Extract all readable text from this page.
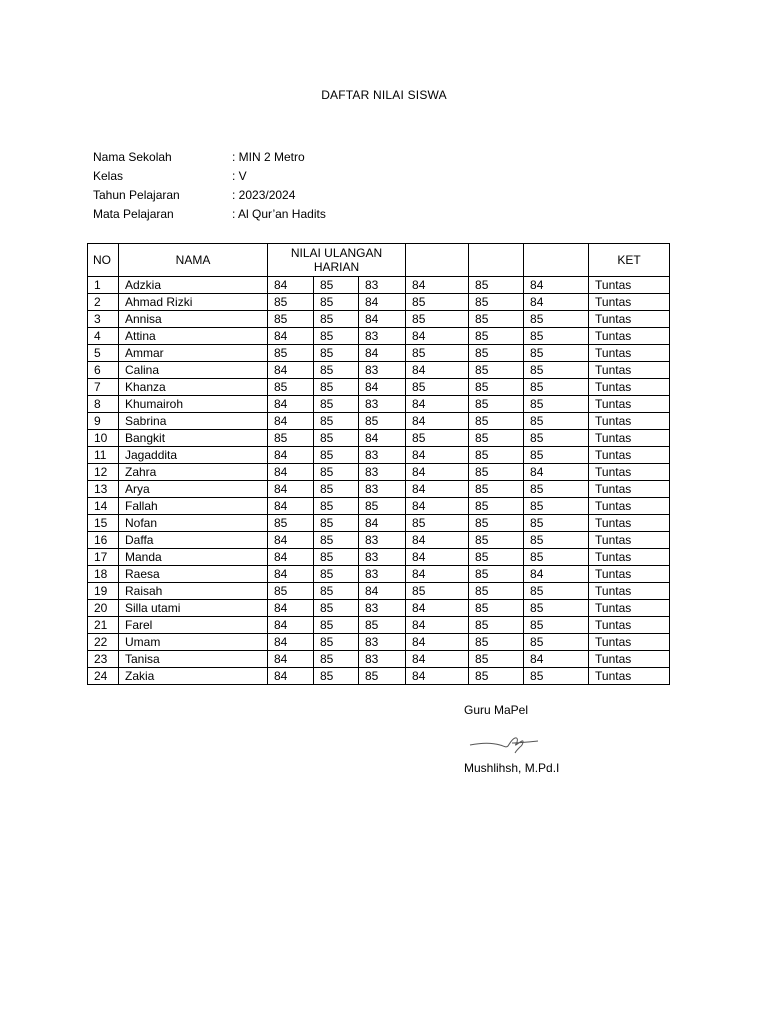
DAFTAR NILAI SISWA
Nama Sekolah	: MIN 2 Metro
Kelas	: V
Tahun Pelajaran	: 2023/2024
Mata Pelajaran	: Al Qur’an Hadits
NO	NAMA	NILAI ULANGAN
HARIAN						KET
1	Adzkia	84	85	83	84	85	84	Tuntas
2	Ahmad Rizki	85	85	84	85	85	84	Tuntas
3	Annisa	85	85	84	85	85	85	Tuntas
4	Attina	84	85	83	84	85	85	Tuntas
5	Ammar	85	85	84	85	85	85	Tuntas
6	Calina	84	85	83	84	85	85	Tuntas
7	Khanza	85	85	84	85	85	85	Tuntas
8	Khumairoh	84	85	83	84	85	85	Tuntas
9	Sabrina	84	85	85	84	85	85	Tuntas
10	Bangkit	85	85	84	85	85	85	Tuntas
11	Jagaddita	84	85	83	84	85	85	Tuntas
12	Zahra	84	85	83	84	85	84	Tuntas
13	Arya	84	85	83	84	85	85	Tuntas
14	Fallah	84	85	85	84	85	85	Tuntas
15	Nofan	85	85	84	85	85	85	Tuntas
16	Daffa	84	85	83	84	85	85	Tuntas
17	Manda	84	85	83	84	85	85	Tuntas
18	Raesa	84	85	83	84	85	84	Tuntas
19	Raisah	85	85	84	85	85	85	Tuntas
20	Silla utami	84	85	83	84	85	85	Tuntas
21	Farel	84	85	85	84	85	85	Tuntas
22	Umam	84	85	83	84	85	85	Tuntas
23	Tanisa	84	85	83	84	85	84	Tuntas
24	Zakia	84	85	85	84	85	85	Tuntas
Guru MaPel
Mushlihsh, M.Pd.I
